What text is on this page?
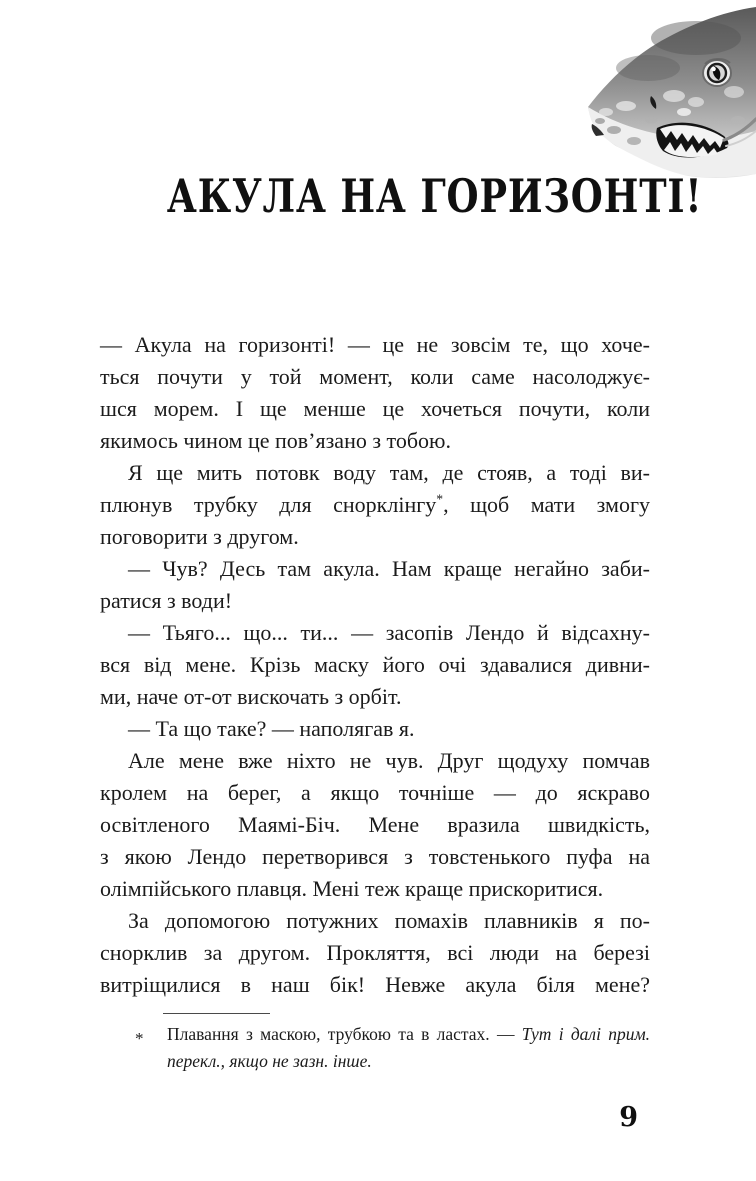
АКУЛА НА ГОРИЗОНТІ!
— Акула на горизонті! — це не зовсім те, що хоче-
ться почути у той момент, коли саме насолоджує-
шся морем. І ще менше це хочеться почути, коли
якимось чином це пов’язано з тобою.
Я ще мить потовк воду там, де стояв, а тоді ви-
плюнув трубку для снорклінгу*, щоб мати змогу
поговорити з другом.
— Чув? Десь там акула. Нам краще негайно заби-
ратися з води!
— Тьяго... що... ти... — засопів Лендо й відсахну-
вся від мене. Крізь маску його очі здавалися дивни-
ми, наче от-от вискочать з орбіт.
— Та що таке? — наполягав я.
Але мене вже ніхто не чув. Друг щодуху помчав
кролем на берег, а якщо точніше — до яскраво
освітленого Маямі-Біч. Мене вразила швидкість,
з якою Лендо перетворився з товстенького пуфа на
олімпійського плавця. Мені теж краще прискоритися.
За допомогою потужних помахів плавників я по-
снорклив за другом. Прокляття, всі люди на березі
витріщилися в наш бік! Невже акула біля мене?
* Плавання з маскою, трубкою та в ластах. — Тут і далі прим.
перекл., якщо не зазн. інше.
9
